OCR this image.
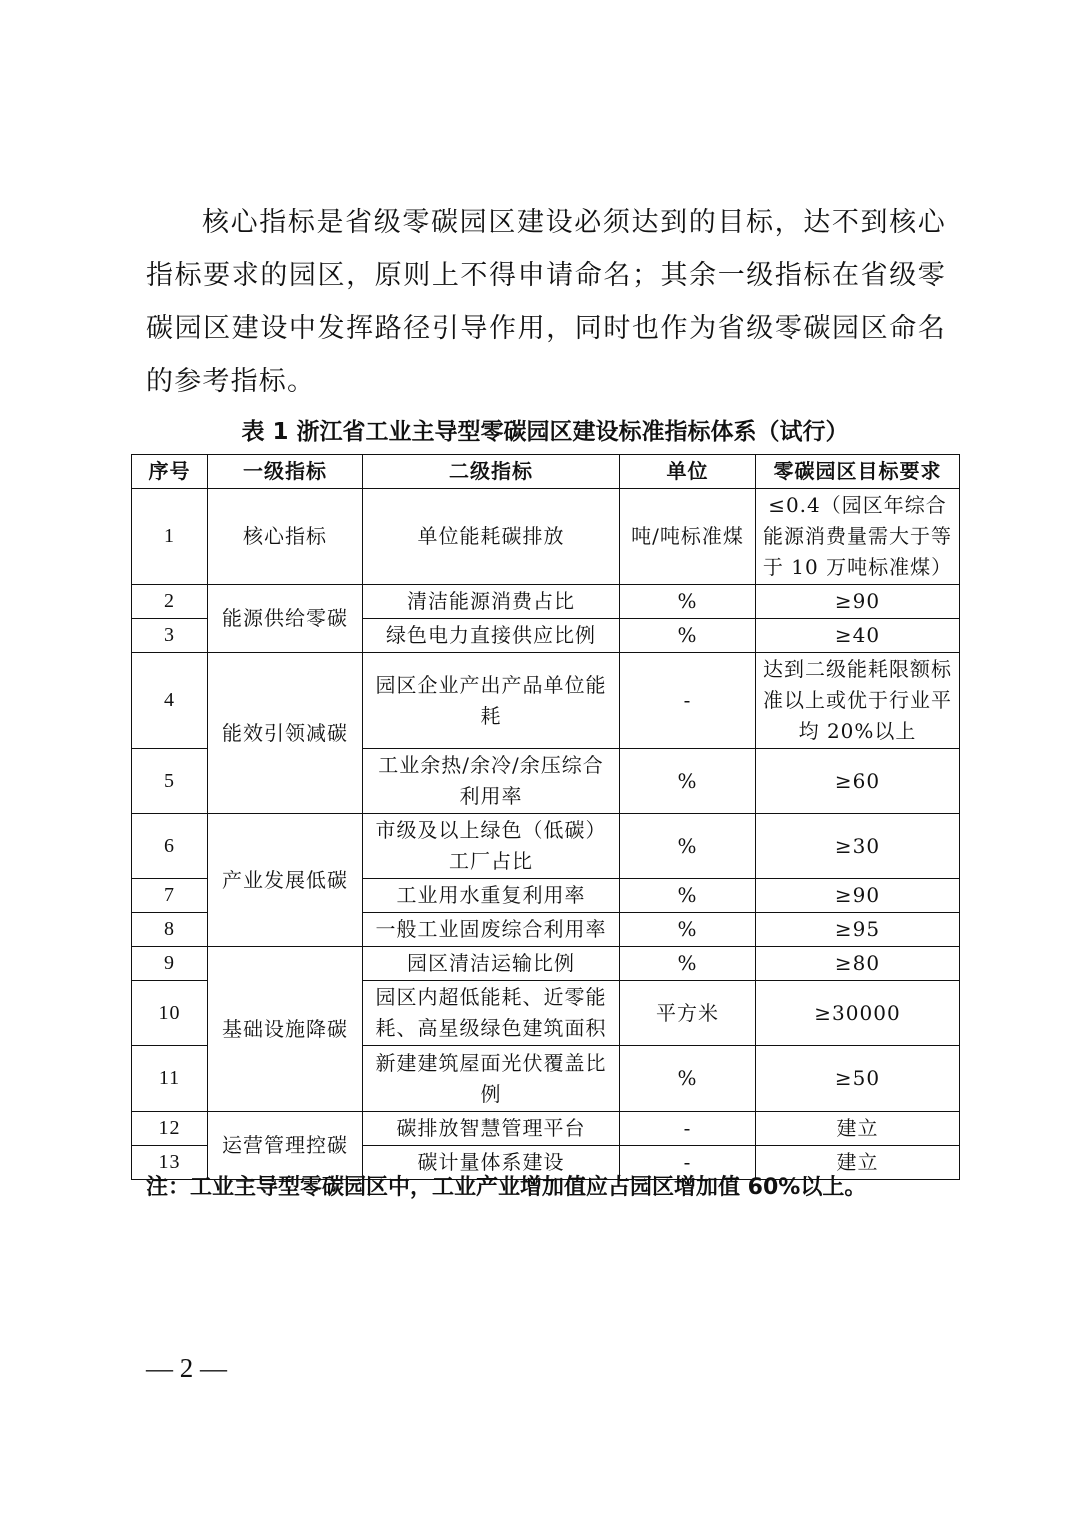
核心指标是省级零碳园区建设必须达到的目标，达不到核心指标要求的园区，原则上不得申请命名；其余一级指标在省级零碳园区建设中发挥路径引导作用，同时也作为省级零碳园区命名的参考指标。

表 1 浙江省工业主导型零碳园区建设标准指标体系（试行）
序号	一级指标	二级指标	单位	零碳园区目标要求
1	核心指标	单位能耗碳排放	吨/吨标准煤	≤0.4（园区年综合能源消费量需大于等于 10 万吨标准煤）
2	能源供给零碳	清洁能源消费占比	%	≥90
3		绿色电力直接供应比例	%	≥40
4	能效引领减碳	园区企业产出产品单位能耗	-	达到二级能耗限额标准以上或优于行业平均 20%以上
5		工业余热/余冷/余压综合利用率	%	≥60
6	产业发展低碳	市级及以上绿色（低碳）工厂占比	%	≥30
7		工业用水重复利用率	%	≥90
8		一般工业固废综合利用率	%	≥95
9	基础设施降碳	园区清洁运输比例	%	≥80
10		园区内超低能耗、近零能耗、高星级绿色建筑面积	平方米	≥30000
11		新建建筑屋面光伏覆盖比例	%	≥50
12	运营管理控碳	碳排放智慧管理平台	-	建立
13		碳计量体系建设	-	建立
注：工业主导型零碳园区中，工业产业增加值应占园区增加值 60%以上。
— 2 —
